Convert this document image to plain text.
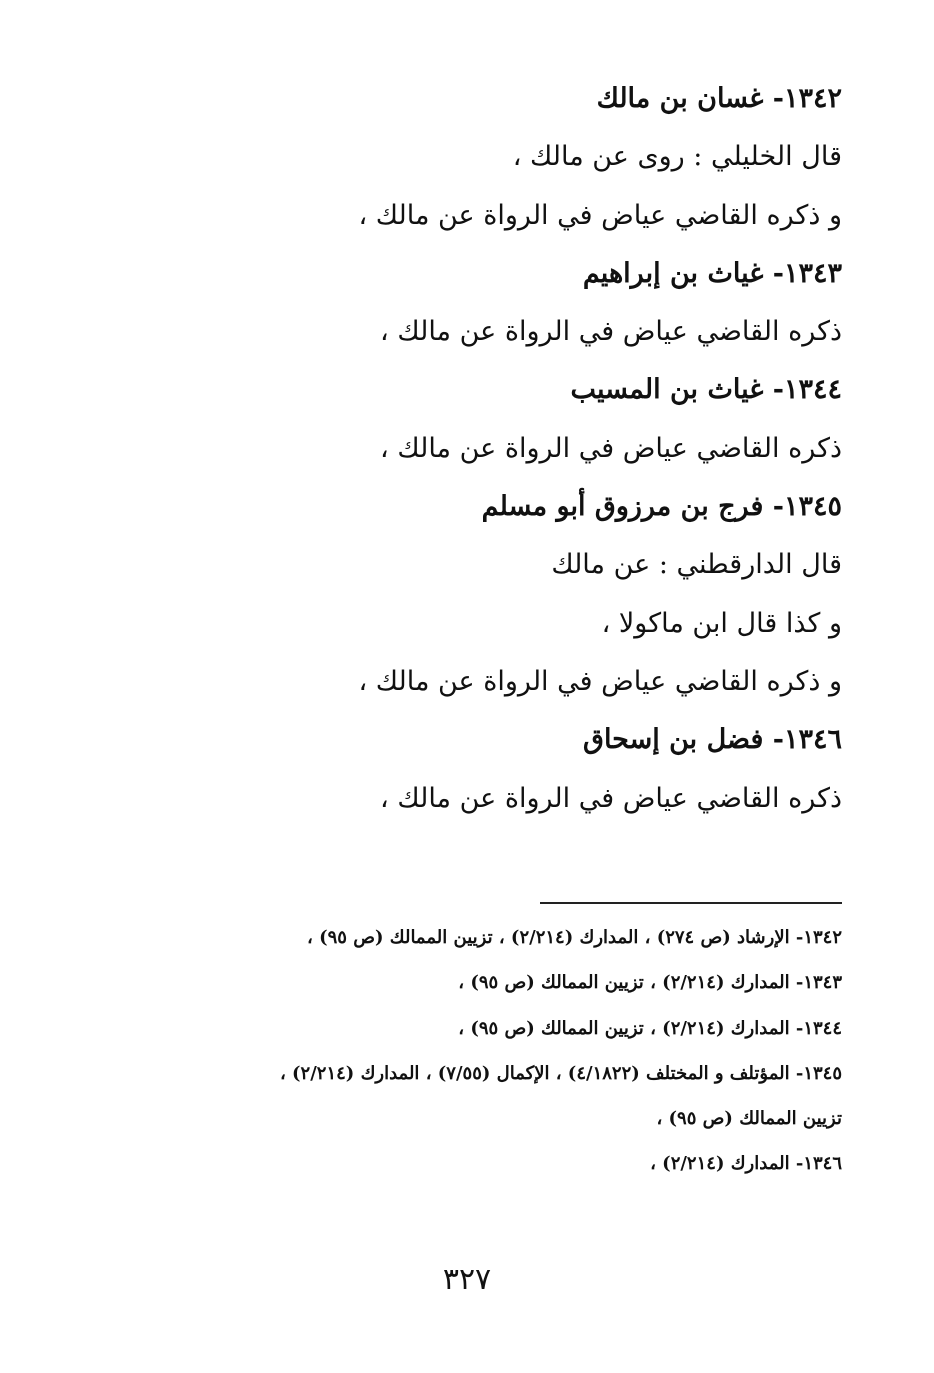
١٣٤٢- غسان بن مالك
قال الخليلي : روى عن مالك ،
و ذكره القاضي عياض في الرواة عن مالك ،
١٣٤٣- غياث بن إبراهيم
ذكره القاضي عياض في الرواة عن مالك ،
١٣٤٤- غياث بن المسيب
ذكره القاضي عياض في الرواة عن مالك ،
١٣٤٥- فرج بن مرزوق أبو مسلم
قال الدارقطني : عن مالك
و كذا قال ابن ماكولا ،
و ذكره القاضي عياض في الرواة عن مالك ،
١٣٤٦- فضل بن إسحاق
ذكره القاضي عياض في الرواة عن مالك ،
١٣٤٢- الإرشاد (ص ٢٧٤) ، المدارك (٢/٢١٤) ، تزيين الممالك (ص ٩٥) ،
١٣٤٣- المدارك (٢/٢١٤) ، تزيين الممالك (ص ٩٥) ،
١٣٤٤- المدارك (٢/٢١٤) ، تزيين الممالك (ص ٩٥) ،
١٣٤٥- المؤتلف و المختلف (٤/١٨٢٢) ، الإكمال (٧/٥٥) ، المدارك (٢/٢١٤) ،
تزيين الممالك (ص ٩٥) ،
١٣٤٦- المدارك (٢/٢١٤) ،
٣٢٧
